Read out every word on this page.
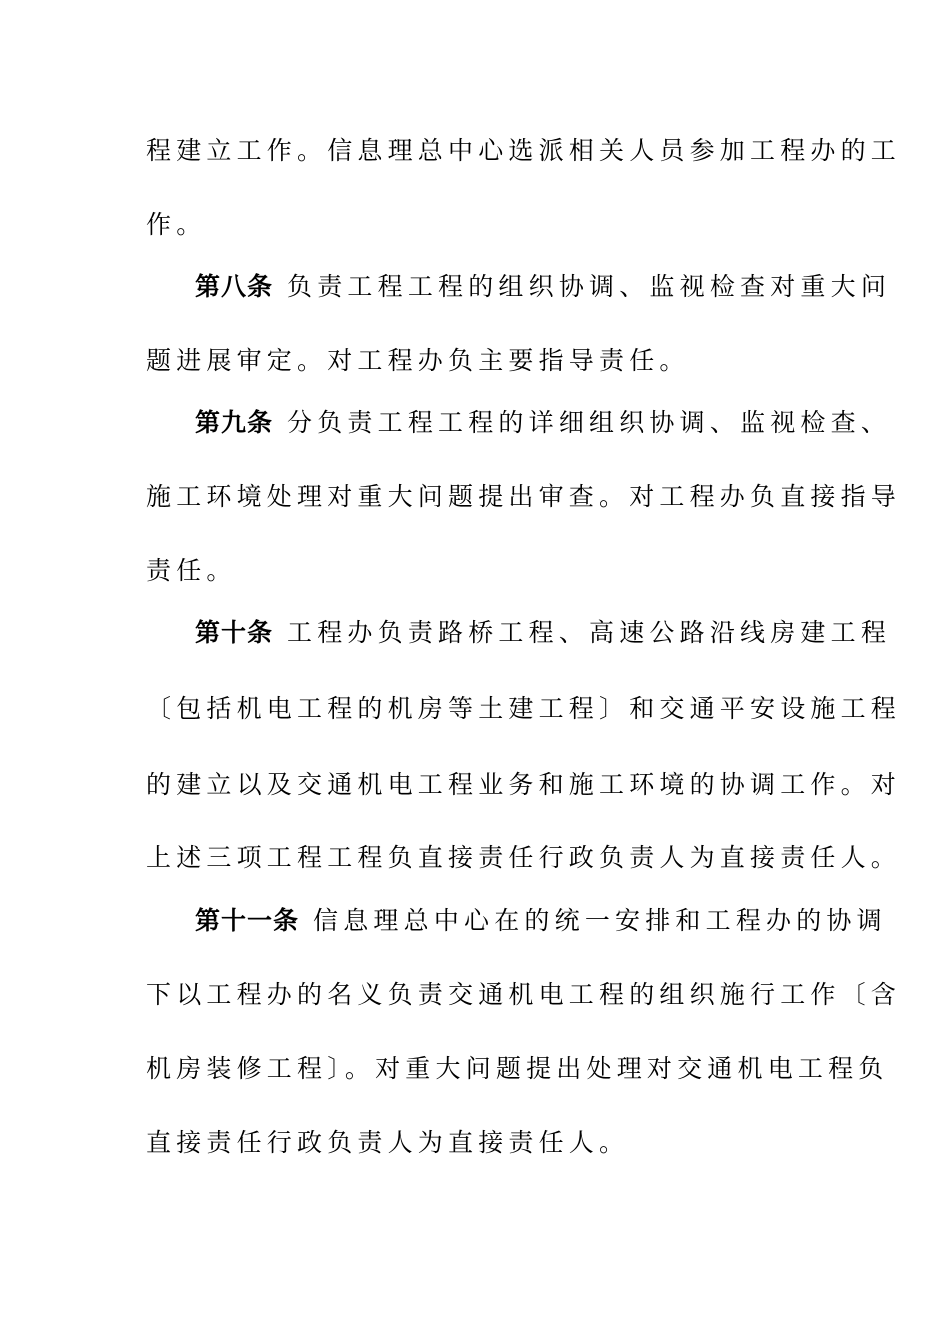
程建立工作。信息理总中心选派相关人员参加工程办的工
作。
第八条 负责工程工程的组织协调、监视检查对重大问
题进展审定。对工程办负主要指导责任。
第九条 分负责工程工程的详细组织协调、监视检查、
施工环境处理对重大问题提出审查。对工程办负直接指导
责任。
第十条 工程办负责路桥工程、高速公路沿线房建工程
〔包括机电工程的机房等土建工程〕和交通平安设施工程
的建立以及交通机电工程业务和施工环境的协调工作。对
上述三项工程工程负直接责任行政负责人为直接责任人。
第十一条 信息理总中心在的统一安排和工程办的协调
下以工程办的名义负责交通机电工程的组织施行工作〔含
机房装修工程〕。对重大问题提出处理对交通机电工程负
直接责任行政负责人为直接责任人。
